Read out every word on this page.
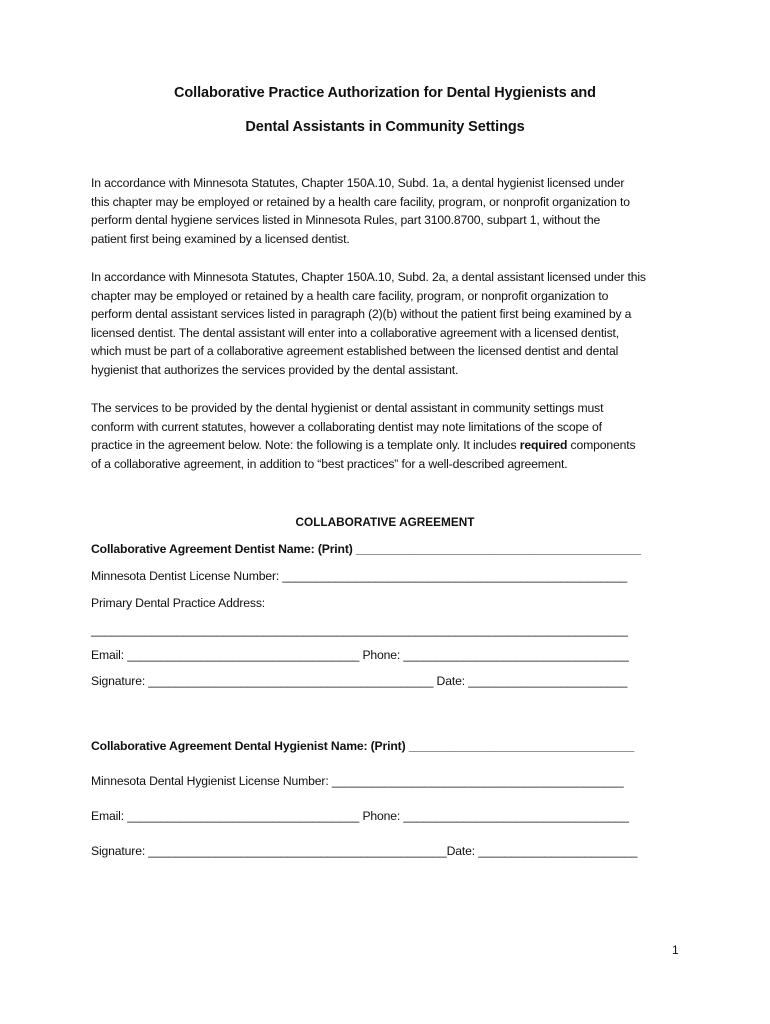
Collaborative Practice Authorization for Dental Hygienists and
Dental Assistants in Community Settings
In accordance with Minnesota Statutes, Chapter 150A.10, Subd. 1a, a dental hygienist licensed under
this chapter may be employed or retained by a health care facility, program, or nonprofit organization to
perform dental hygiene services listed in Minnesota Rules, part 3100.8700, subpart 1, without the
patient first being examined by a licensed dentist.
In accordance with Minnesota Statutes, Chapter 150A.10, Subd. 2a, a dental assistant licensed under this
chapter may be employed or retained by a health care facility, program, or nonprofit organization to
perform dental assistant services listed in paragraph (2)(b) without the patient first being examined by a
licensed dentist. The dental assistant will enter into a collaborative agreement with a licensed dentist,
which must be part of a collaborative agreement established between the licensed dentist and dental
hygienist that authorizes the services provided by the dental assistant.
The services to be provided by the dental hygienist or dental assistant in community settings must
conform with current statutes, however a collaborating dentist may note limitations of the scope of
practice in the agreement below. Note: the following is a template only. It includes required components
of a collaborative agreement, in addition to “best practices” for a well-described agreement.
COLLABORATIVE AGREEMENT
Collaborative Agreement Dentist Name: (Print) ___________________________________________
Minnesota Dentist License Number: ____________________________________________________
Primary Dental Practice Address:
_________________________________________________________________________________
Email: ___________________________________ Phone: __________________________________
Signature: ___________________________________________ Date: ________________________
Collaborative Agreement Dental Hygienist Name: (Print) __________________________________
Minnesota Dental Hygienist License Number: ____________________________________________
Email: ___________________________________ Phone: __________________________________
Signature: _____________________________________________Date: ________________________
1
